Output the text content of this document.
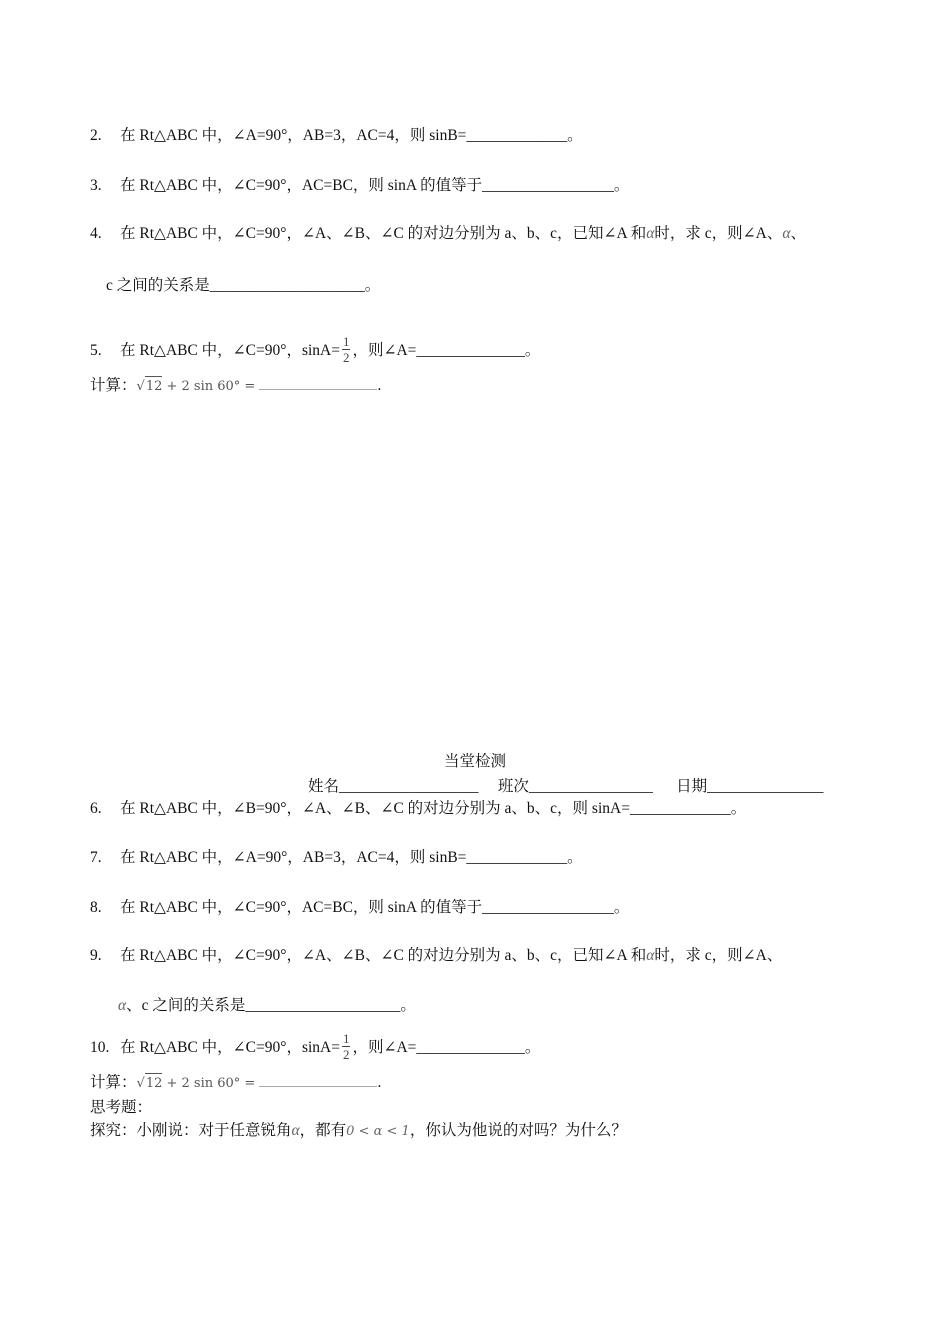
2. 在 Rt△ABC 中，∠A=90°，AB=3，AC=4，则 sinB=_____________。
3. 在 Rt△ABC 中，∠C=90°，AC=BC，则 sinA 的值等于_________________。
4. 在 Rt△ABC 中，∠C=90°，∠A、∠B、∠C 的对边分别为 a、b、c，已知∠A 和α时，求 c，则∠A、α、
c 之间的关系是____________________。
5. 在 Rt△ABC 中，∠C=90°，$\sin A= \frac{1}{2}$ ，则∠A=______________。
计算：√12 + 2 sin 60° =	.
当堂检测
姓名__________________ 班次________________ 日期_______________
6. 在 Rt△ABC 中，∠B=90°，∠A、∠B、∠C 的对边分别为 a、b、c，则 sinA=_____________。
7. 在 Rt△ABC 中，∠A=90°，AB=3，AC=4，则 sinB=_____________。
8. 在 Rt△ABC 中，∠C=90°，AC=BC，则 sinA 的值等于_________________。
9. 在 Rt△ABC 中，∠C=90°，∠A、∠B、∠C 的对边分别为 a、b、c，已知∠A 和α时，求 c，则∠A、
α、c 之间的关系是____________________。
10. 在 Rt△ABC 中，∠C=90°，$\sin A= \frac{1}{2}$ ，则∠A=______________。
计算：√12 + 2 sin 60° =	.
思考题：
探究：小刚说：对于任意锐角α，都有0 < α < 1，你认为他说的对吗？为什么？
